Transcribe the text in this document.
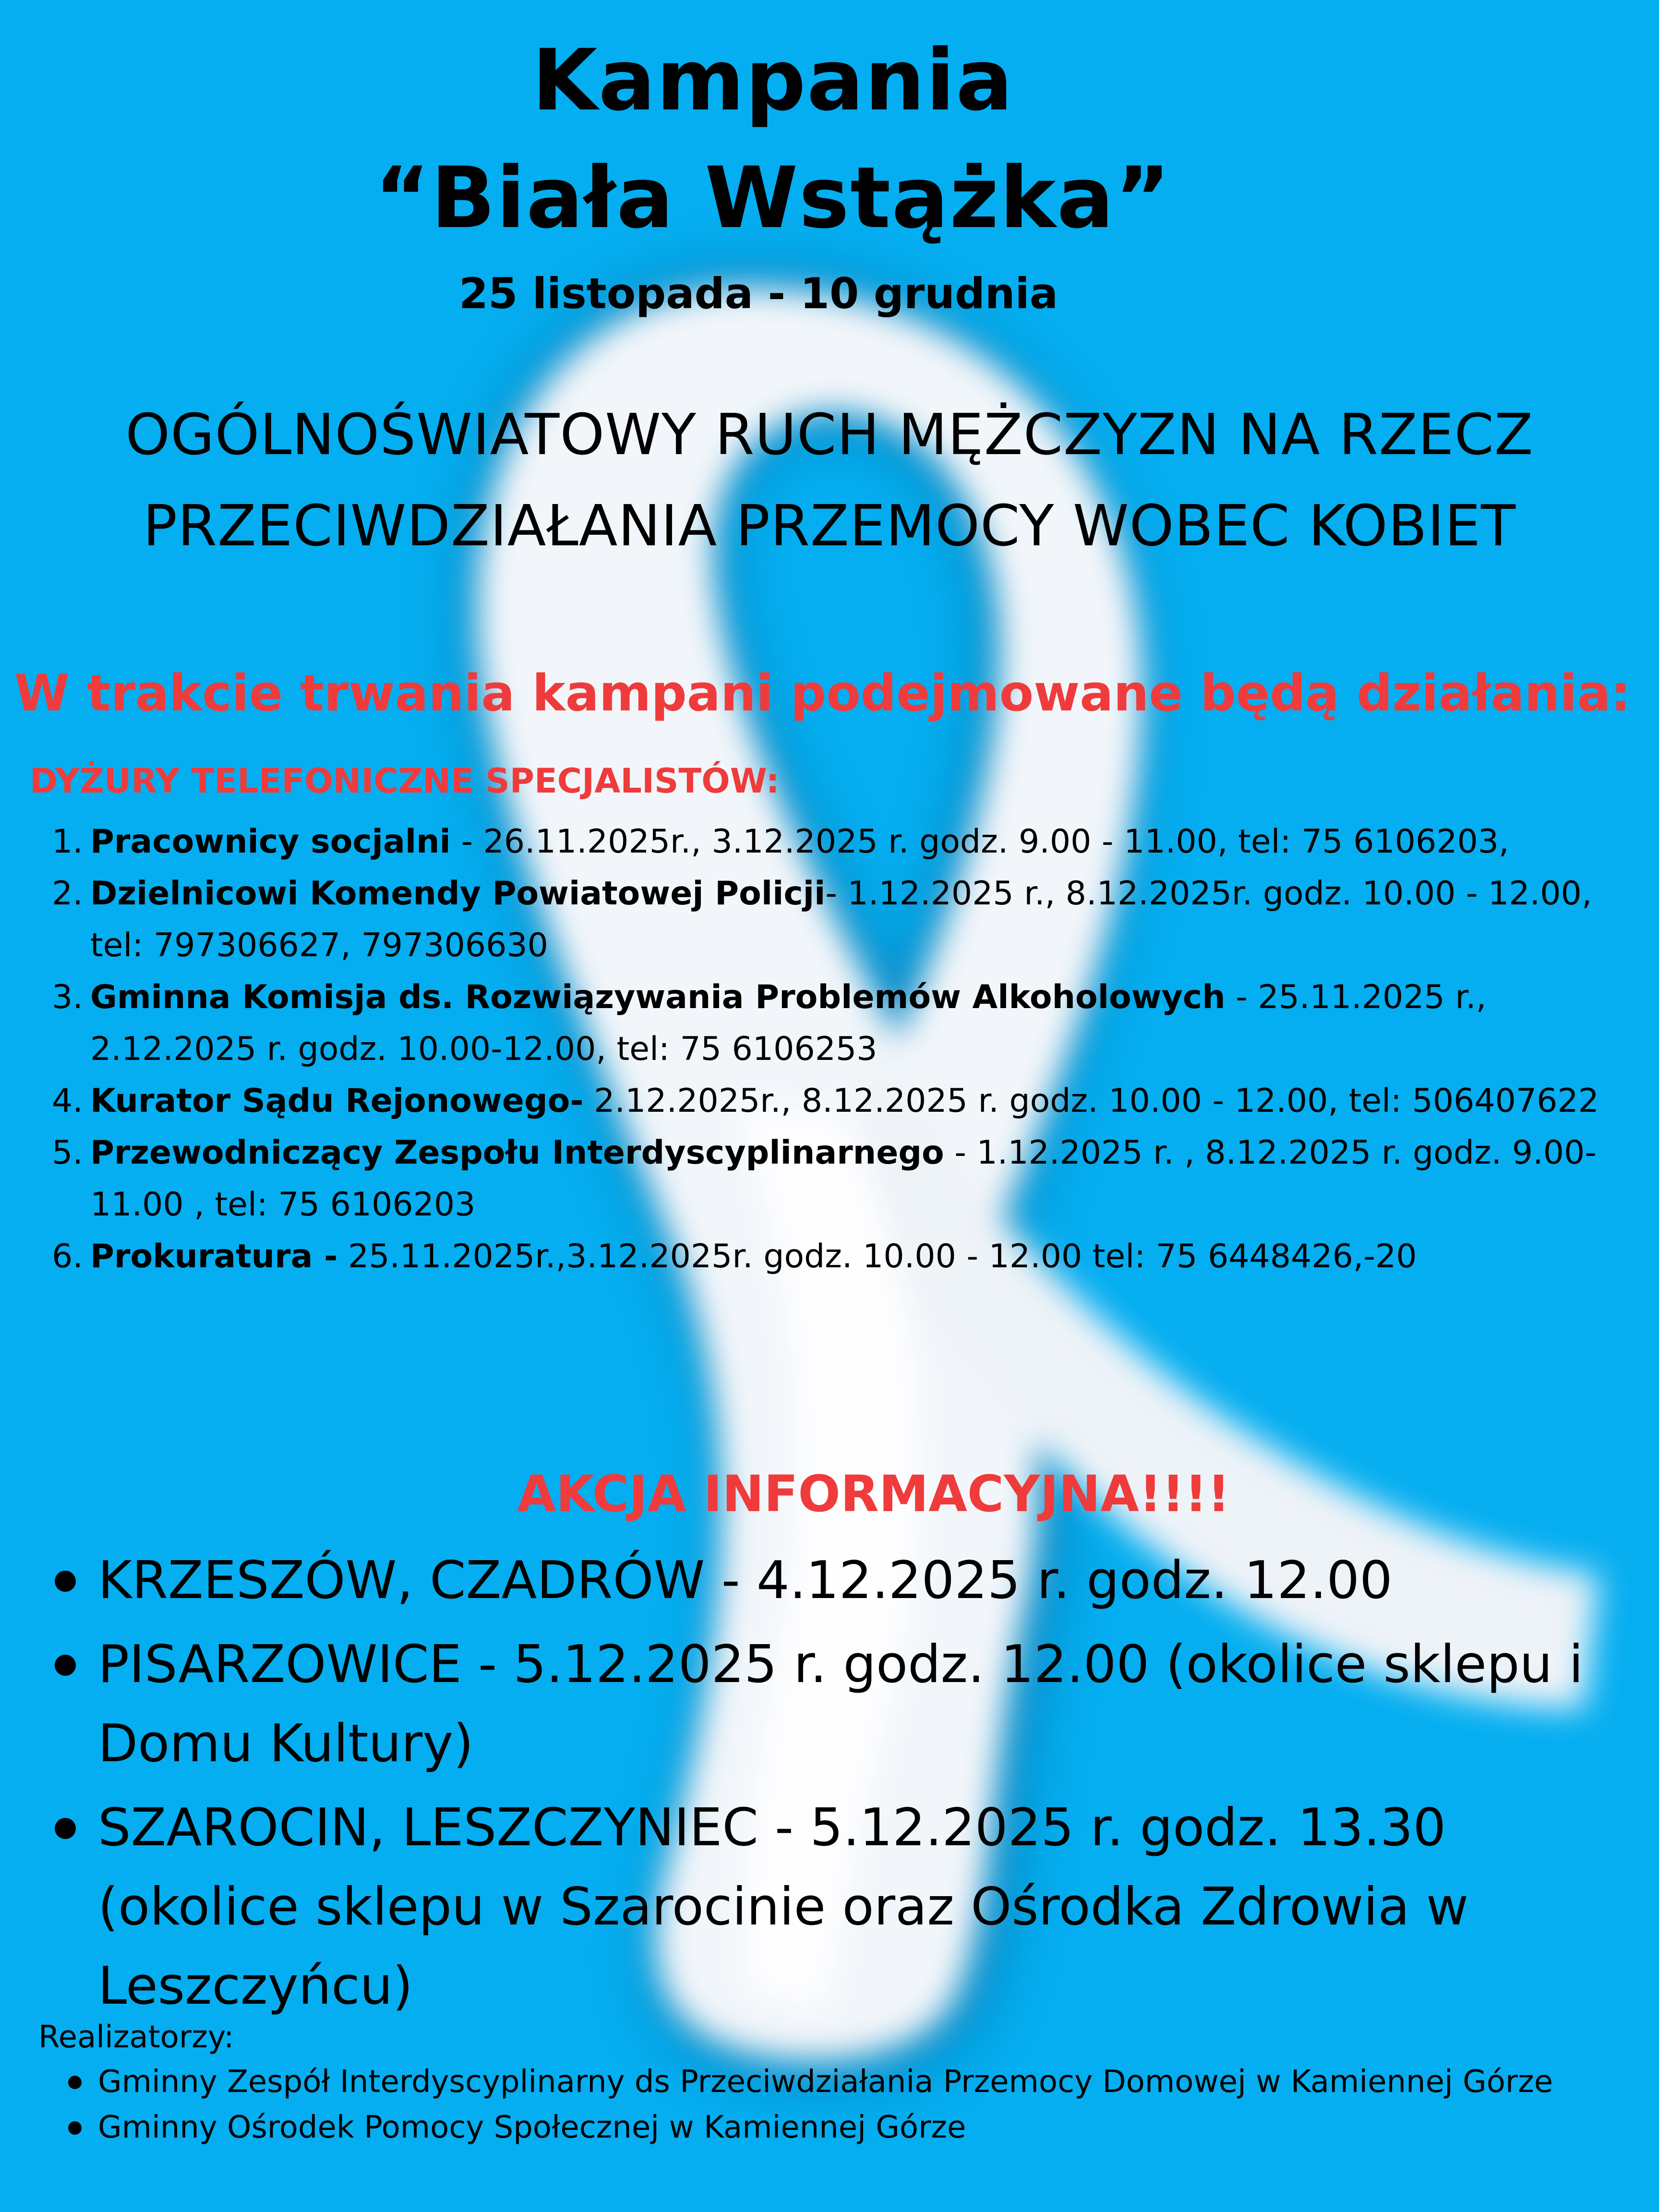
Kampania
“Biała Wstążka”
25 listopada - 10 grudnia
OGÓLNOŚWIATOWY RUCH MĘŻCZYZN NA RZECZ
PRZECIWDZIAŁANIA PRZEMOCY WOBEC KOBIET
W trakcie trwania kampani podejmowane będą działania:
DYŻURY TELEFONICZNE SPECJALISTÓW:
1. Pracownicy socjalni - 26.11.2025r., 3.12.2025 r. godz. 9.00 - 11.00, tel: 75 6106203,
2. Dzielnicowi Komendy Powiatowej Policji- 1.12.2025 r., 8.12.2025r. godz. 10.00 - 12.00, tel: 797306627, 797306630
3. Gminna Komisja ds. Rozwiązywania Problemów Alkoholowych - 25.11.2025 r., 2.12.2025 r. godz. 10.00-12.00, tel: 75 6106253
4. Kurator Sądu Rejonowego- 2.12.2025r., 8.12.2025 r. godz. 10.00 - 12.00, tel: 506407622
5. Przewodniczący Zespołu Interdyscyplinarnego - 1.12.2025 r. , 8.12.2025 r. godz. 9.00-11.00 , tel: 75 6106203
6. Prokuratura - 25.11.2025r.,3.12.2025r. godz. 10.00 - 12.00 tel: 75 6448426,-20
AKCJA INFORMACYJNA!!!!
KRZESZÓW, CZADRÓW - 4.12.2025 r. godz. 12.00
PISARZOWICE - 5.12.2025 r. godz. 12.00 (okolice sklepu i Domu Kultury)
SZAROCIN, LESZCZYNIEC - 5.12.2025 r. godz. 13.30 (okolice sklepu w Szarocinie oraz Ośrodka Zdrowia w Leszczyńcu)
Realizatorzy:
Gminny Zespół Interdyscyplinarny ds Przeciwdziałania Przemocy Domowej w Kamiennej Górze
Gminny Ośrodek Pomocy Społecznej w Kamiennej Górze
